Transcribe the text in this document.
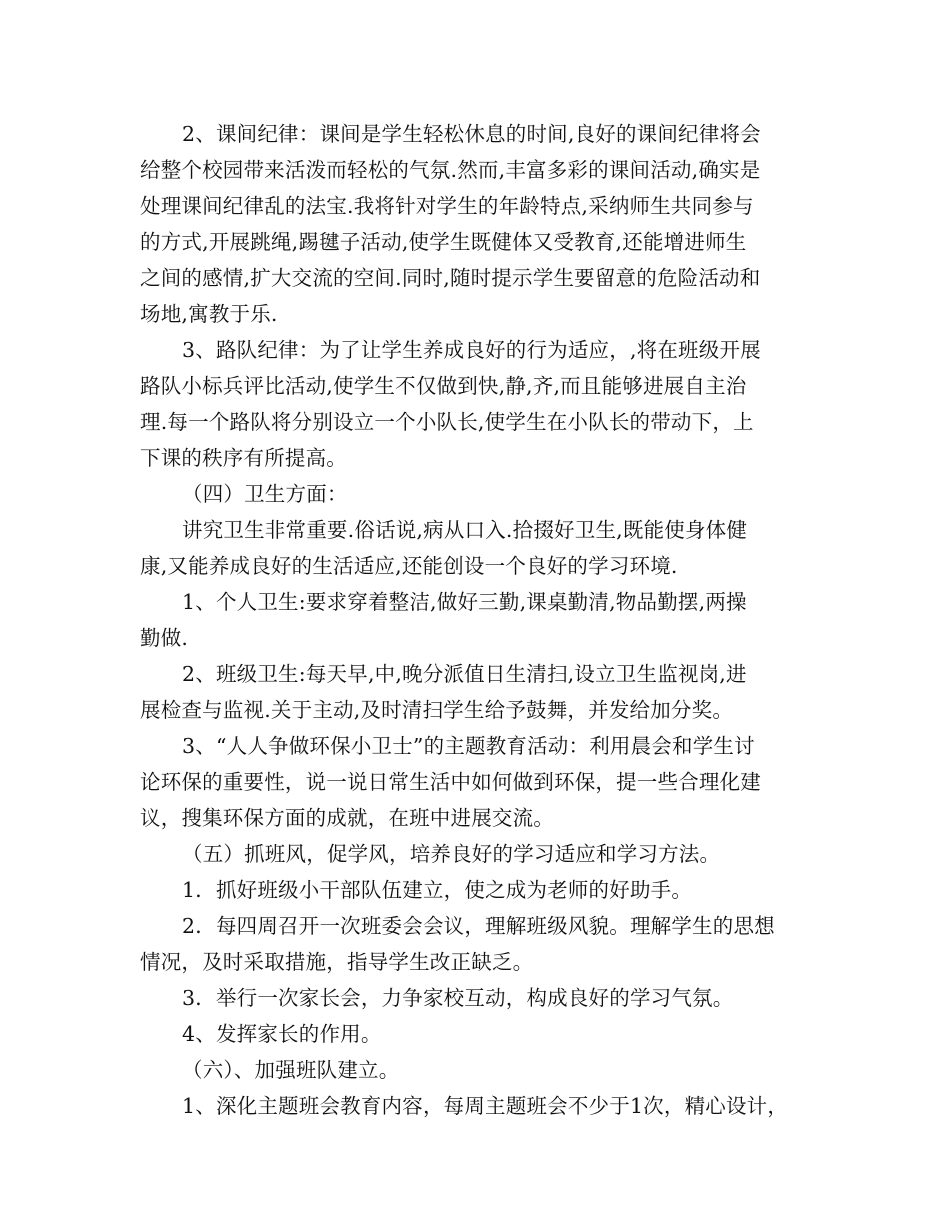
2、课间纪律：课间是学生轻松休息的时间,良好的课间纪律将会
给整个校园带来活泼而轻松的气氛.然而,丰富多彩的课间活动,确实是
处理课间纪律乱的法宝.我将针对学生的年龄特点,采纳师生共同参与
的方式,开展跳绳,踢毽子活动,使学生既健体又受教育,还能增进师生
之间的感情,扩大交流的空间.同时,随时提示学生要留意的危险活动和
场地,寓教于乐.
3、路队纪律：为了让学生养成良好的行为适应，,将在班级开展
路队小标兵评比活动,使学生不仅做到快,静,齐,而且能够进展自主治
理.每一个路队将分别设立一个小队长,使学生在小队长的带动下，上
下课的秩序有所提高。
（四）卫生方面：
讲究卫生非常重要.俗话说,病从口入.拾掇好卫生,既能使身体健
康,又能养成良好的生活适应,还能创设一个良好的学习环境.
1、个人卫生:要求穿着整洁,做好三勤,课桌勤清,物品勤摆,两操
勤做.
2、班级卫生:每天早,中,晚分派值日生清扫,设立卫生监视岗,进
展检查与监视.关于主动,及时清扫学生给予鼓舞，并发给加分奖。
3、“人人争做环保小卫士”的主题教育活动：利用晨会和学生讨
论环保的重要性，说一说日常生活中如何做到环保，提一些合理化建
议，搜集环保方面的成就，在班中进展交流。
（五）抓班风，促学风，培养良好的学习适应和学习方法。
1．抓好班级小干部队伍建立，使之成为老师的好助手。
2．每四周召开一次班委会会议，理解班级风貌。理解学生的思想
情况，及时采取措施，指导学生改正缺乏。
3．举行一次家长会，力争家校互动，构成良好的学习气氛。
4、发挥家长的作用。
（六）、加强班队建立。
1、深化主题班会教育内容，每周主题班会不少于1次，精心设计，
